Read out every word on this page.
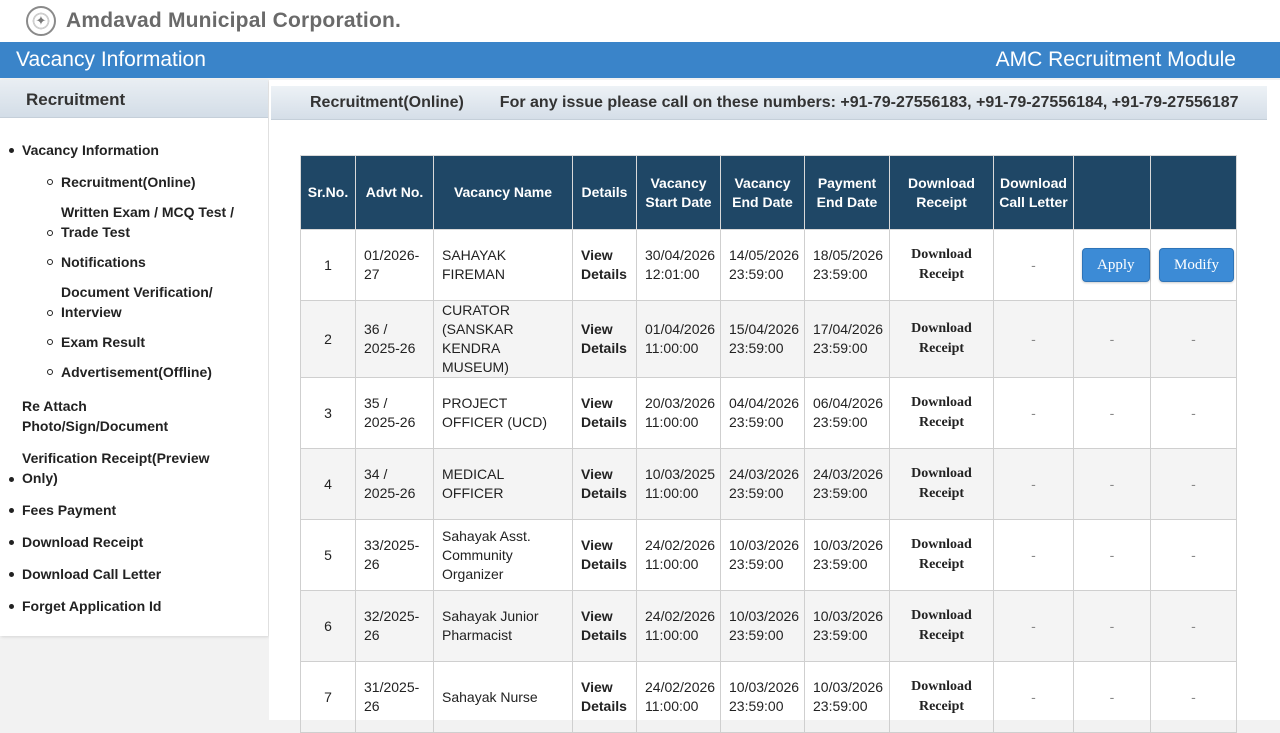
✦ Amdavad Municipal Corporation.
Vacancy Information	AMC Recruitment Module
Recruitment
Vacancy Information
Recruitment(Online)
Written Exam / MCQ Test / Trade Test
Notifications
Document Verification/ Interview
Exam Result
Advertisement(Offline)
Re Attach Photo/Sign/Document
Verification Receipt(Preview Only)
Fees Payment
Download Receipt
Download Call Letter
Forget Application Id
Recruitment(Online) For any issue please call on these numbers: +91-79-27556183, +91-79-27556184, +91-79-27556187
Sr.No.	Advt No.	Vacancy Name	Details	Vacancy Start Date	Vacancy End Date	Payment End Date	Download Receipt	Download Call Letter		
1	01/2026-27	SAHAYAK FIREMAN	View Details	30/04/2026 12:01:00	14/05/2026 23:59:00	18/05/2026 23:59:00	Download Receipt	-	Apply	Modify
2	36 / 2025-26	CURATOR (SANSKAR KENDRA MUSEUM)	View Details	01/04/2026 11:00:00	15/04/2026 23:59:00	17/04/2026 23:59:00	Download Receipt	-	-	-
3	35 / 2025-26	PROJECT OFFICER (UCD)	View Details	20/03/2026 11:00:00	04/04/2026 23:59:00	06/04/2026 23:59:00	Download Receipt	-	-	-
4	34 / 2025-26	MEDICAL OFFICER	View Details	10/03/2025 11:00:00	24/03/2026 23:59:00	24/03/2026 23:59:00	Download Receipt	-	-	-
5	33/2025-26	Sahayak Asst. Community Organizer	View Details	24/02/2026 11:00:00	10/03/2026 23:59:00	10/03/2026 23:59:00	Download Receipt	-	-	-
6	32/2025-26	Sahayak Junior Pharmacist	View Details	24/02/2026 11:00:00	10/03/2026 23:59:00	10/03/2026 23:59:00	Download Receipt	-	-	-
7	31/2025-26	Sahayak Nurse	View Details	24/02/2026 11:00:00	10/03/2026 23:59:00	10/03/2026 23:59:00	Download Receipt	-	-	-
